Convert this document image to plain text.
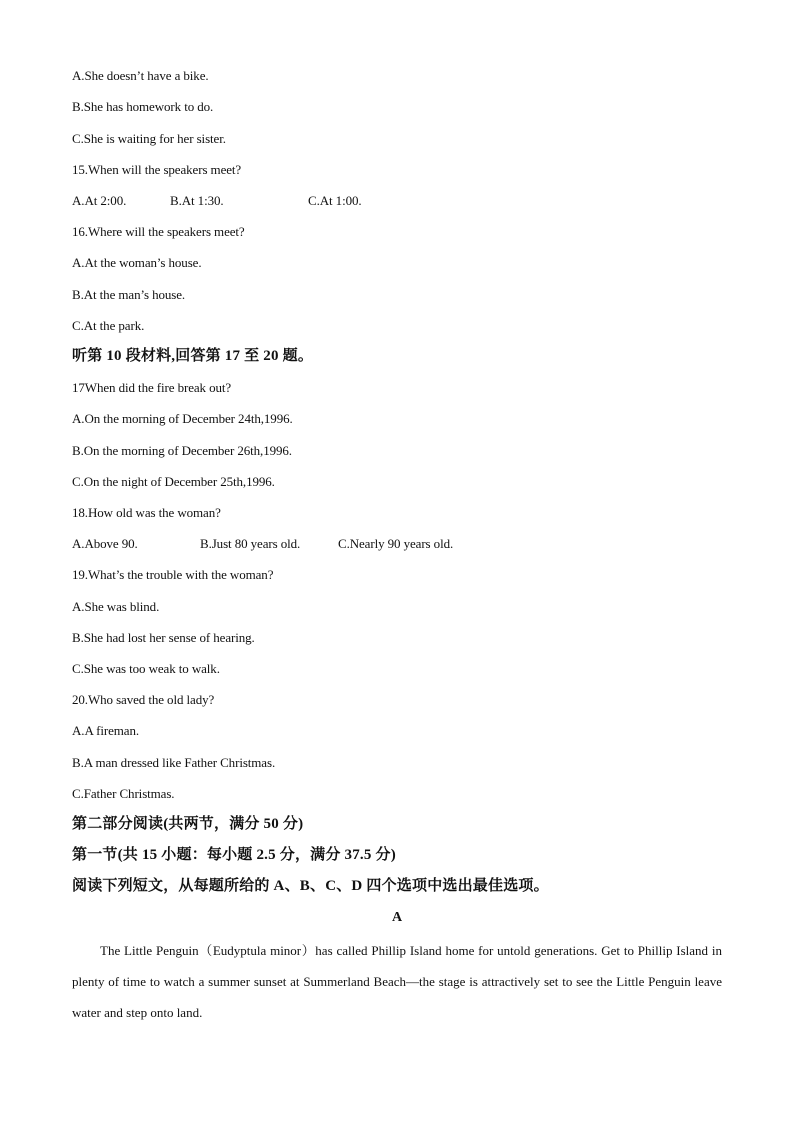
A.She doesn’t have a bike.
B.She has homework to do.
C.She is waiting for her sister.
15.When will the speakers meet?
A.At 2:00.	B.At 1:30.	C.At 1:00.
16.Where will the speakers meet?
A.At the woman’s house.
B.At the man’s house.
C.At the park.
听第 10 段材料,回答第 17 至 20 题。
17When did the fire break out?
A.On the morning of December 24th,1996.
B.On the morning of December 26th,1996.
C.On the night of December 25th,1996.
18.How old was the woman?
A.Above 90.	B.Just 80 years old.	C.Nearly 90 years old.
19.What’s the trouble with the woman?
A.She was blind.
B.She had lost her sense of hearing.
C.She was too weak to walk.
20.Who saved the old lady?
A.A fireman.
B.A man dressed like Father Christmas.
C.Father Christmas.
第二部分阅读(共两节，满分 50 分)
第一节(共 15 小题：每小题 2.5 分，满分 37.5 分)
阅读下列短文，从每题所给的 A、B、C、D 四个选项中选出最佳选项。
A

The Little Penguin（Eudyptula minor）has called Phillip Island home for untold generations. Get to Phillip Island in plenty of time to watch a summer sunset at Summerland Beach—the stage is attractively set to see the Little Penguin leave water and step onto land.
